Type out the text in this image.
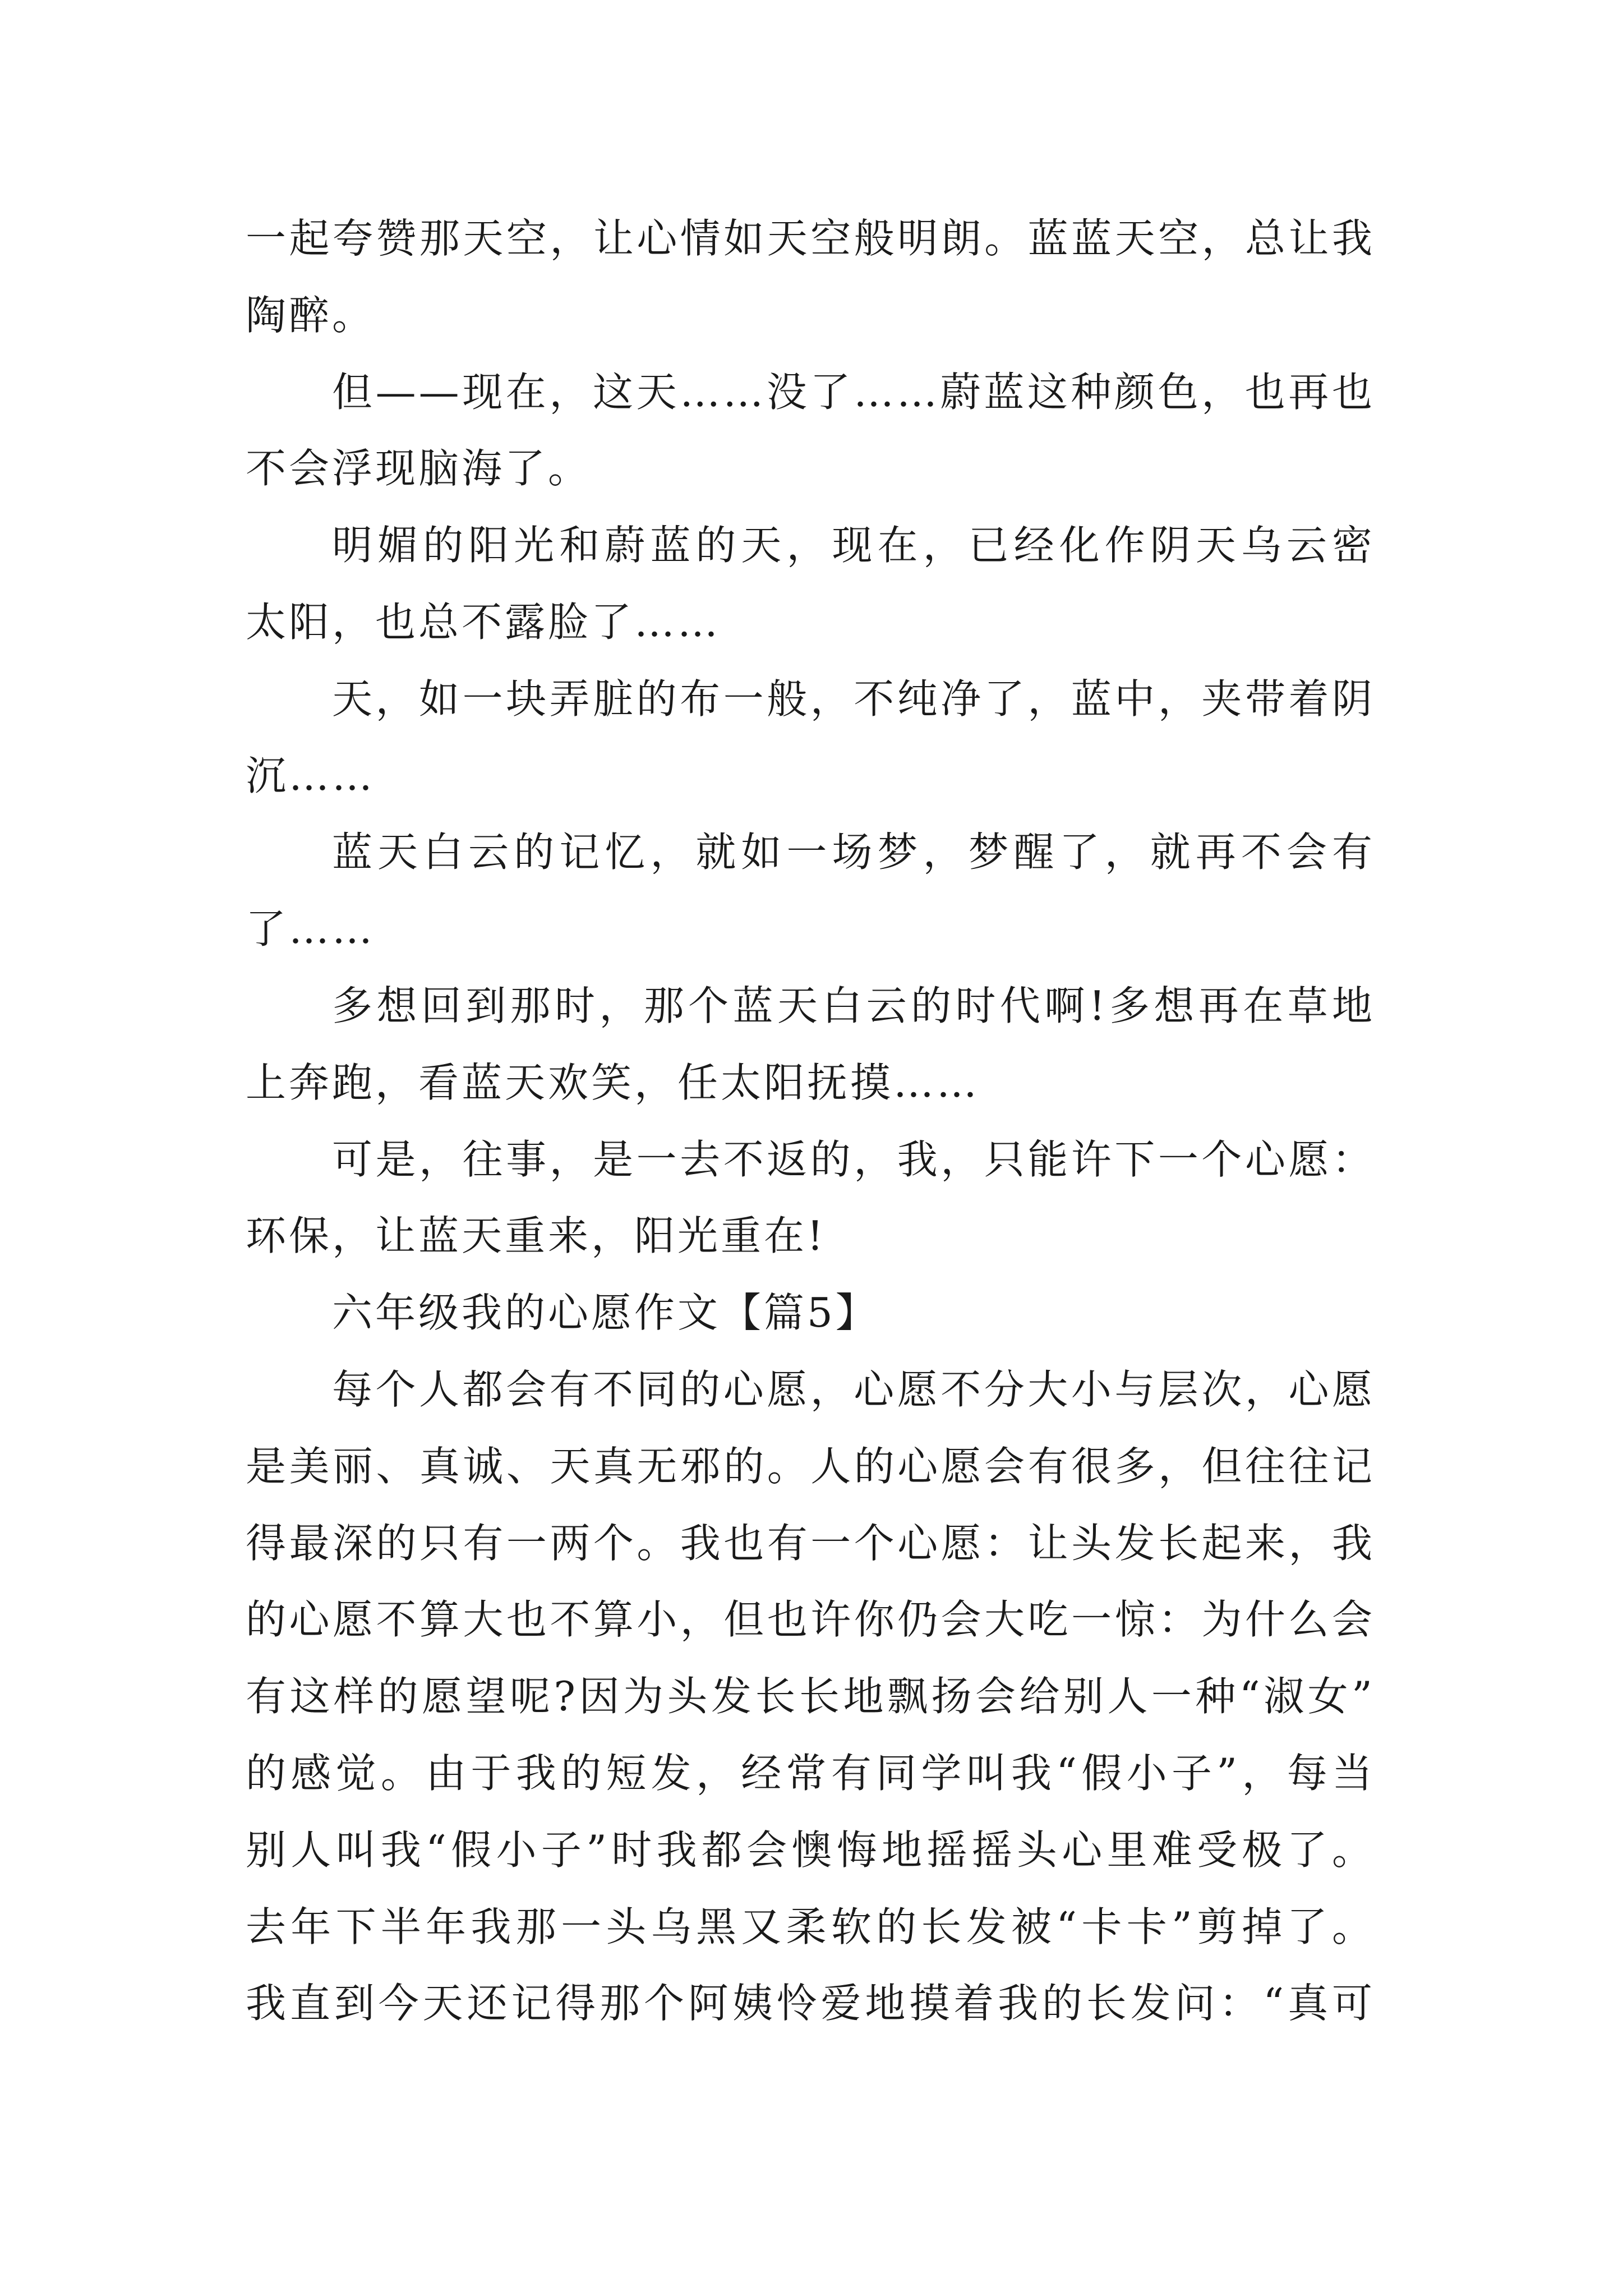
一起夸赞那天空，让心情如天空般明朗。蓝蓝天空，总让我
陶醉。
但——现在，这天……没了……蔚蓝这种颜色，也再也
不会浮现脑海了。
明媚的阳光和蔚蓝的天，现在，已经化作阴天乌云密
太阳，也总不露脸了……
天，如一块弄脏的布一般，不纯净了，蓝中，夹带着阴
沉……
蓝天白云的记忆，就如一场梦，梦醒了，就再不会有
了……
多想回到那时，那个蓝天白云的时代啊!多想再在草地
上奔跑，看蓝天欢笑，任太阳抚摸……
可是，往事，是一去不返的，我，只能许下一个心愿：
环保，让蓝天重来，阳光重在!
六年级我的心愿作文【篇5】
每个人都会有不同的心愿，心愿不分大小与层次，心愿
是美丽、真诚、天真无邪的。人的心愿会有很多，但往往记
得最深的只有一两个。我也有一个心愿：让头发长起来，我
的心愿不算大也不算小，但也许你仍会大吃一惊：为什么会
有这样的愿望呢?因为头发长长地飘扬会给别人一种“淑女”
的感觉。由于我的短发，经常有同学叫我“假小子”，每当
别人叫我“假小子”时我都会懊悔地摇摇头心里难受极了。
去年下半年我那一头乌黑又柔软的长发被“卡卡”剪掉了。
我直到今天还记得那个阿姨怜爱地摸着我的长发问：“真可
